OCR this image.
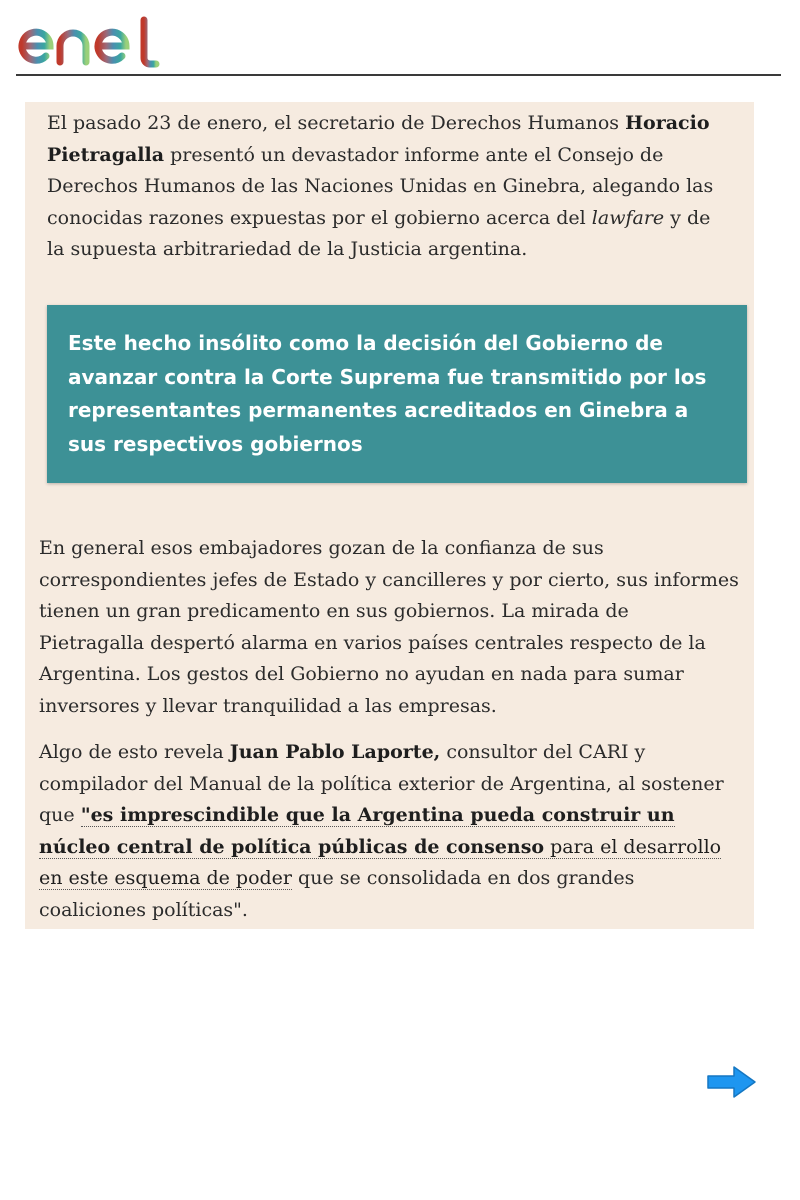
El pasado 23 de enero, el secretario de Derechos Humanos Horacio Pietragalla presentó un devastador informe ante el Consejo de Derechos Humanos de las Naciones Unidas en Ginebra, alegando las conocidas razones expuestas por el gobierno acerca del lawfare y de la supuesta arbitrariedad de la Justicia argentina.

Este hecho insólito como la decisión del Gobierno de avanzar contra la Corte Suprema fue transmitido por los representantes permanentes acreditados en Ginebra a sus respectivos gobiernos

En general esos embajadores gozan de la confianza de sus correspondientes jefes de Estado y cancilleres y por cierto, sus informes tienen un gran predicamento en sus gobiernos. La mirada de Pietragalla despertó alarma en varios países centrales respecto de la Argentina. Los gestos del Gobierno no ayudan en nada para sumar inversores y llevar tranquilidad a las empresas.

Algo de esto revela Juan Pablo Laporte, consultor del CARI y compilador del Manual de la política exterior de Argentina, al sostener que "es imprescindible que la Argentina pueda construir un núcleo central de política públicas de consenso para el desarrollo en este esquema de poder que se consolidada en dos grandes coaliciones políticas".
